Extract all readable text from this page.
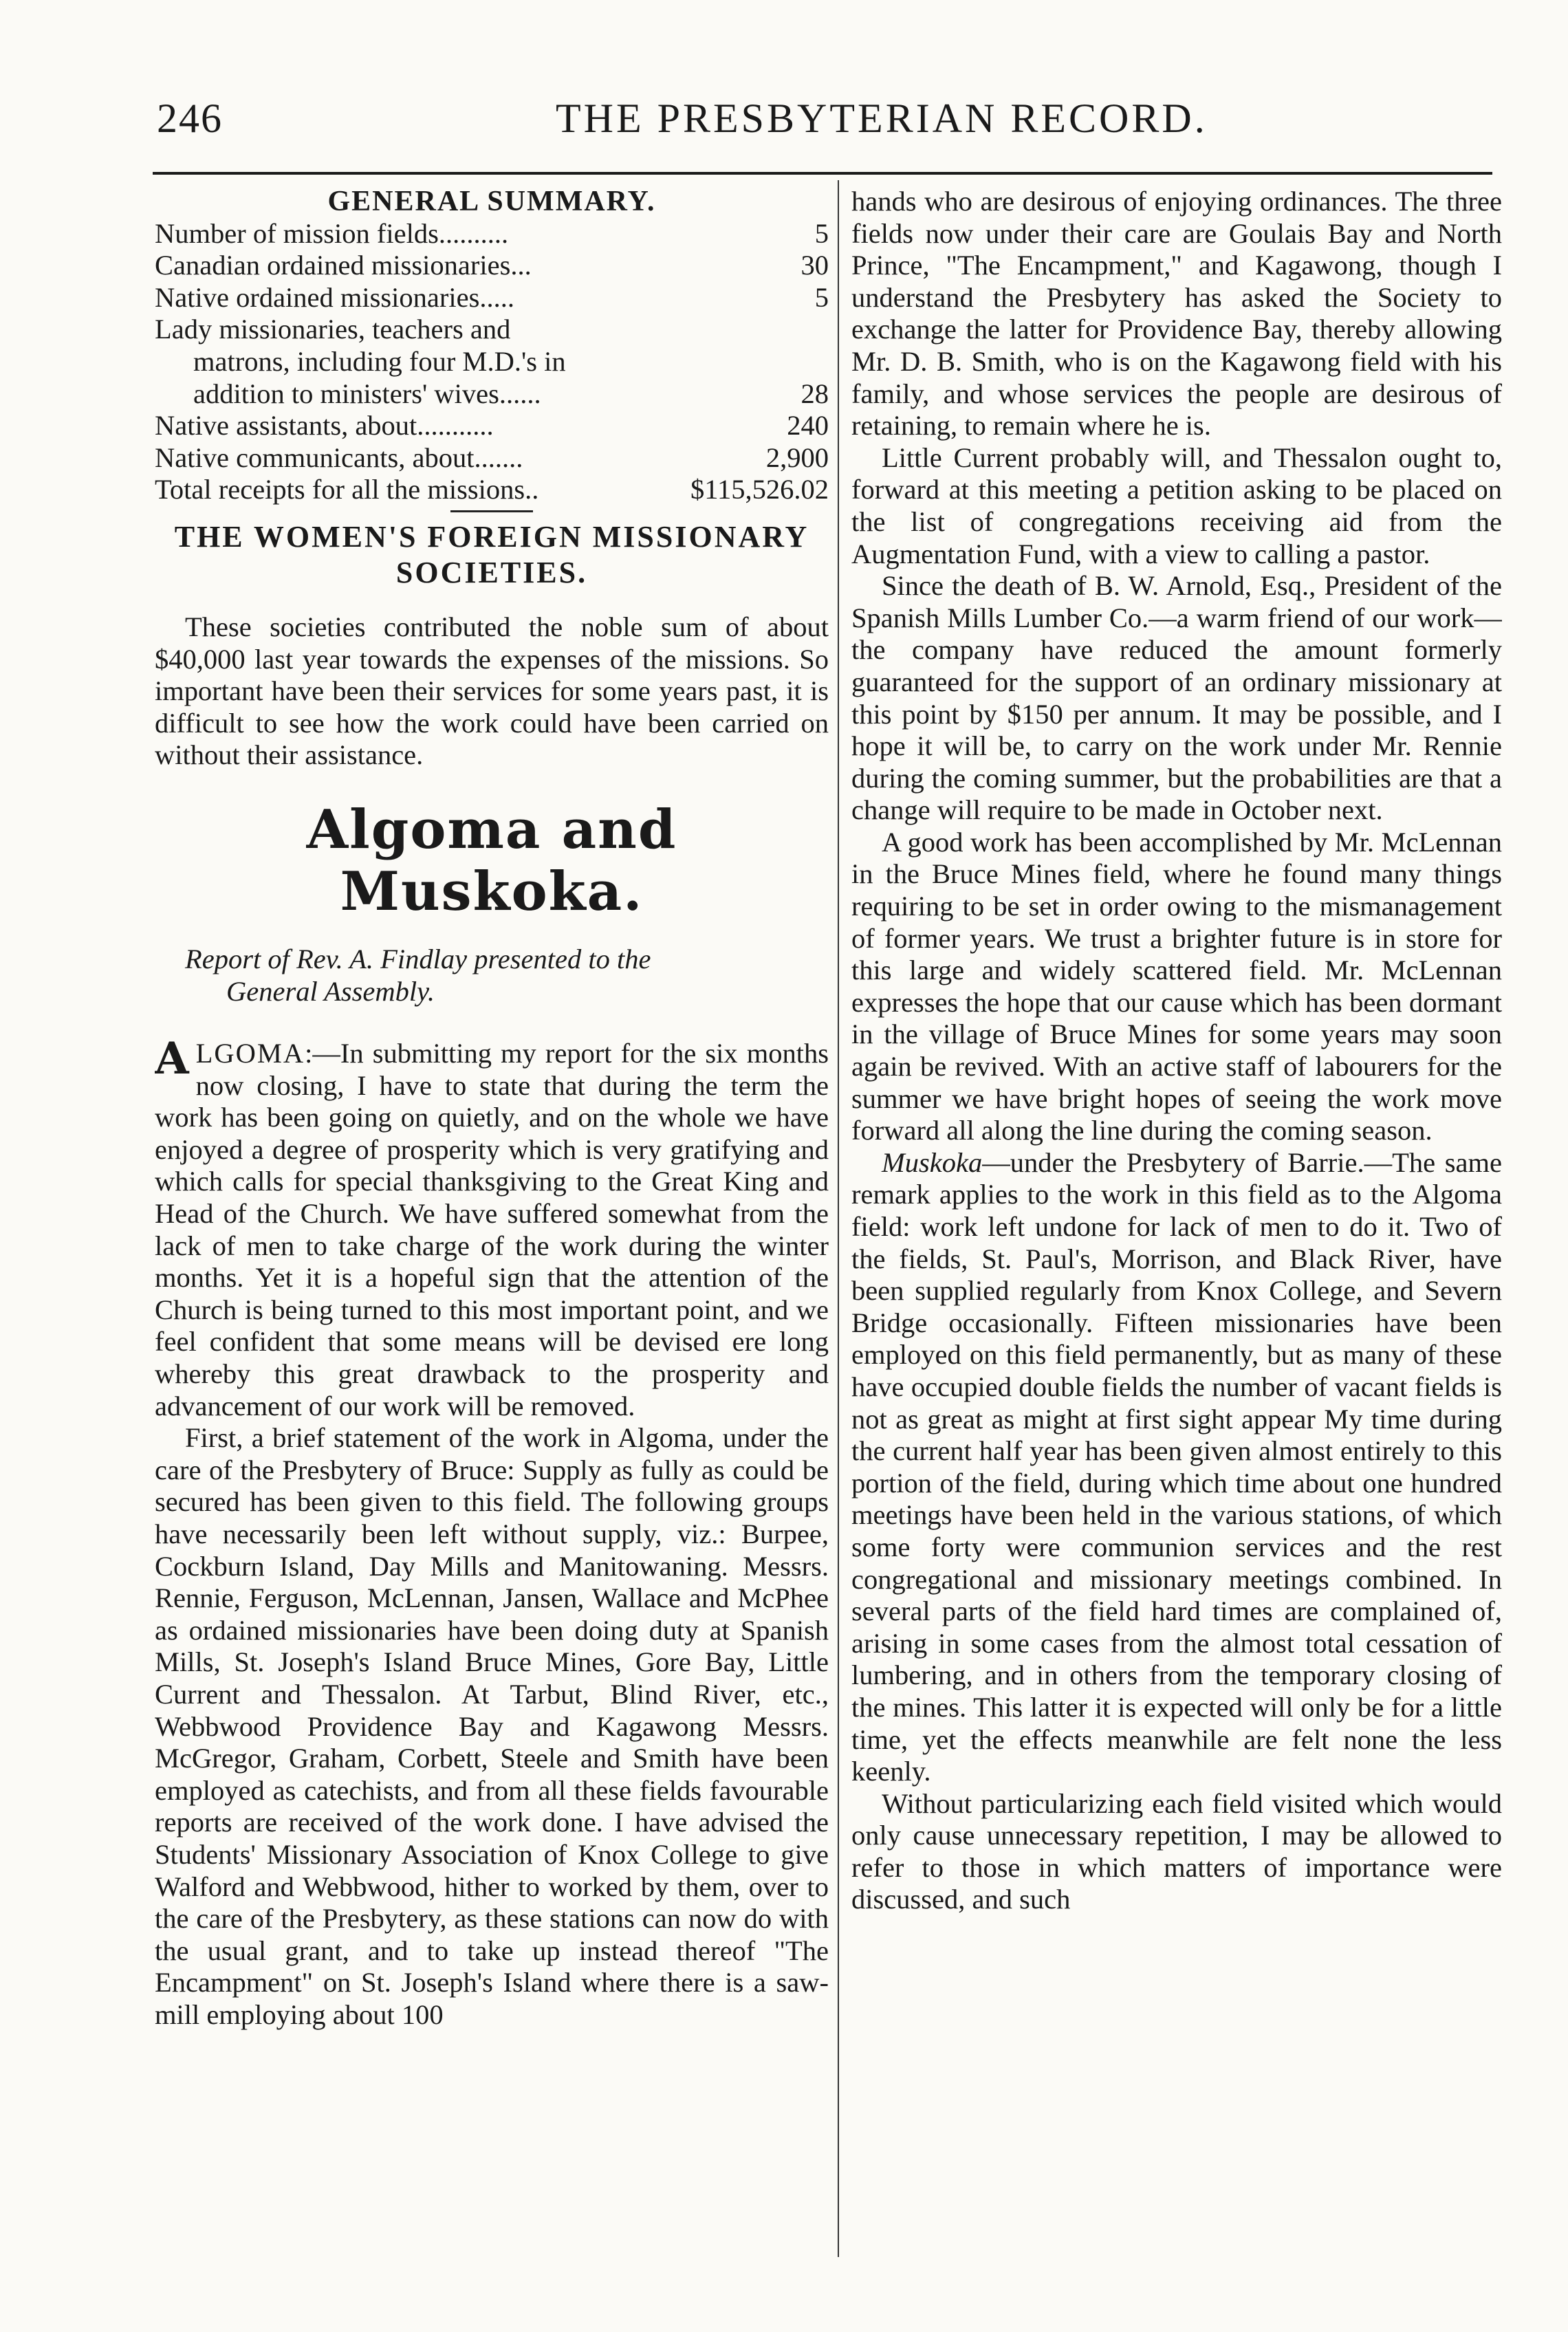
246	THE PRESBYTERIAN RECORD.
GENERAL SUMMARY.
Number of mission fields..........	5
Canadian ordained missionaries...	30
Native ordained missionaries.....	5
Lady missionaries, teachers and
matrons, including four M.D.'s in
addition to ministers' wives......	28
Native assistants, about...........	240
Native communicants, about.......	2,900
Total receipts for all the missions..	$115,526.02
THE WOMEN'S FOREIGN MISSIONARY
SOCIETIES.

These societies contributed the noble sum of about $40,000 last year towards the expenses of the missions. So important have been their services for some years past, it is difficult to see how the work could have been carried on without their assistance.

Algoma and Muskoka.

Report of Rev. A. Findlay presented to the
General Assembly.

ALGOMA:—In submitting my report for the six months now closing, I have to state that during the term the work has been going on quietly, and on the whole we have enjoyed a degree of prosperity which is very gratifying and which calls for special thanksgiving to the Great King and Head of the Church. We have suffered somewhat from the lack of men to take charge of the work during the winter months. Yet it is a hopeful sign that the attention of the Church is being turned to this most important point, and we feel confident that some means will be devised ere long whereby this great drawback to the prosperity and advancement of our work will be removed.

First, a brief statement of the work in Algoma, under the care of the Presbytery of Bruce: Supply as fully as could be secured has been given to this field. The following groups have necessarily been left without supply, viz.: Burpee, Cockburn Island, Day Mills and Manitowaning. Messrs. Rennie, Ferguson, McLennan, Jansen, Wallace and McPhee as ordained missionaries have been doing duty at Spanish Mills, St. Joseph's Island Bruce Mines, Gore Bay, Little Current and Thessalon. At Tarbut, Blind River, etc., Webbwood Providence Bay and Kagawong Messrs. McGregor, Graham, Corbett, Steele and Smith have been employed as catechists, and from all these fields favourable reports are received of the work done. I have advised the Students' Missionary Association of Knox College to give Walford and Webbwood, hither to worked by them, over to the care of the Presbytery, as these stations can now do with the usual grant, and to take up instead thereof "The Encampment" on St. Joseph's Island where there is a saw-mill employing about 100

hands who are desirous of enjoying ordinances. The three fields now under their care are Goulais Bay and North Prince, "The Encampment," and Kagawong, though I understand the Presbytery has asked the Society to exchange the latter for Providence Bay, thereby allowing Mr. D. B. Smith, who is on the Kagawong field with his family, and whose services the people are desirous of retaining, to remain where he is.

Little Current probably will, and Thessalon ought to, forward at this meeting a petition asking to be placed on the list of congregations receiving aid from the Augmentation Fund, with a view to calling a pastor.

Since the death of B. W. Arnold, Esq., President of the Spanish Mills Lumber Co.—a warm friend of our work—the company have reduced the amount formerly guaranteed for the support of an ordinary missionary at this point by $150 per annum. It may be possible, and I hope it will be, to carry on the work under Mr. Rennie during the coming summer, but the probabilities are that a change will require to be made in October next.

A good work has been accomplished by Mr. McLennan in the Bruce Mines field, where he found many things requiring to be set in order owing to the mismanagement of former years. We trust a brighter future is in store for this large and widely scattered field. Mr. McLennan expresses the hope that our cause which has been dormant in the village of Bruce Mines for some years may soon again be revived. With an active staff of labourers for the summer we have bright hopes of seeing the work move forward all along the line during the coming season.

Muskoka—under the Presbytery of Barrie.—The same remark applies to the work in this field as to the Algoma field: work left undone for lack of men to do it. Two of the fields, St. Paul's, Morrison, and Black River, have been supplied regularly from Knox College, and Severn Bridge occasionally. Fifteen missionaries have been employed on this field permanently, but as many of these have occupied double fields the number of vacant fields is not as great as might at first sight appear My time during the current half year has been given almost entirely to this portion of the field, during which time about one hundred meetings have been held in the various stations, of which some forty were communion services and the rest congregational and missionary meetings combined. In several parts of the field hard times are complained of, arising in some cases from the almost total cessation of lumbering, and in others from the temporary closing of the mines. This latter it is expected will only be for a little time, yet the effects meanwhile are felt none the less keenly.

Without particularizing each field visited which would only cause unnecessary repetition, I may be allowed to refer to those in which matters of importance were discussed, and such
